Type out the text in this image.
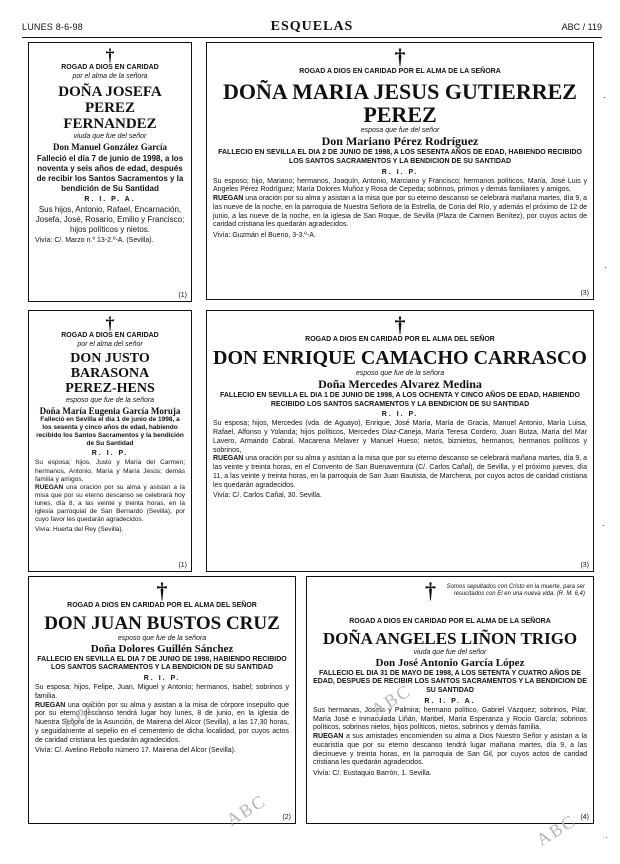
LUNES 8-6-98	ESQUELAS	ABC / 119
†
ROGAD A DIOS EN CARIDAD
por el alma de la señora
DOÑA JOSEFA PEREZ
FERNANDEZ
viuda que fue del señor
Don Manuel González García
Falleció el día 7 de junio de 1998, a los noventa y seis años de edad, después de recibir los Santos Sacramentos y la bendición de Su Santidad
R. I. P. A.
Sus hijos, Antonio, Rafael, Encarnación, Josefa, José, Rosario, Emilio y Francisco; hijos políticos y nietos.
Vivía: C/. Marzo n.º 13-2.º-A. (Sevilla).
(1)
†
ROGAD A DIOS EN CARIDAD POR EL ALMA DE LA SEÑORA
DOÑA MARIA JESUS GUTIERREZ
PEREZ
esposa que fue del señor
Don Mariano Pérez Rodríguez
FALLECIO EN SEVILLA EL DIA 2 DE JUNIO DE 1998, A LOS SESENTA AÑOS DE EDAD, HABIENDO RECIBIDO LOS SANTOS SACRAMENTOS Y LA BENDICION DE SU SANTIDAD
R. I. P.
Su esposo; hijo, Mariano; hermanos, Joaquín, Antonio, Marciano y Francisco; hermanos políticos, María, José Luis y Angeles Pérez Rodríguez; María Dolores Muñoz y Rosa de Cepeda; sobrinos, primos y demás familiares y amigos,
RUEGAN una oración por su alma y asistan a la misa que por su eterno descanso se celebrará mañana martes, día 9, a las nueve de la noche, en la parroquia de Nuestra Señora de la Estrella, de Coria del Río, y además el próximo de 12 de junio, a las nueve de la noche, en la iglesia de San Roque, de Sevilla (Plaza de Carmen Benítez), por cuyos actos de caridad cristiana les quedarán agradecidos.
Vivía: Guzmán el Bueno, 3-3.º-A.
(3)
†
ROGAD A DIOS EN CARIDAD
por el alma del señor
DON JUSTO BARASONA
PEREZ-HENS
esposo que fue de la señora
Doña María Eugenia García Moruja
Falleció en Sevilla el día 1 de junio de 1998, a los sesenta y cinco años de edad, habiendo recibido los Santos Sacramentos y la bendición de Su Santidad
R. I. P.
Su esposa; hijos, Justo y María del Carmen; hermanos, Antonio, María y María Jesús; demás familia y amigos,
RUEGAN una oración por su alma y asistan a la misa que por su eterno descanso se celebrará hoy lunes, día 8, a las veinte y treinta horas, en la iglesia parroquial de San Bernardo (Sevilla), por cuyo favor les quedarán agradecidos.
Vivía: Huerta del Rey (Sevilla).
(1)
†
ROGAD A DIOS EN CARIDAD POR EL ALMA DEL SEÑOR
DON ENRIQUE CAMACHO CARRASCO
esposo que fue de la señora
Doña Mercedes Alvarez Medina
FALLECIO EN SEVILLA EL DIA 1 DE JUNIO DE 1998, A LOS OCHENTA Y CINCO AÑOS DE EDAD, HABIENDO RECIBIDO LOS SANTOS SACRAMENTOS Y LA BENDICION DE SU SANTIDAD
R. I. P.
Su esposa; hijos, Mercedes (vda. de Aguayo), Enrique, José María, María de Gracia, Manuel Antonio, María Luisa, Rafael, Alfonso y Yolanda; hijos políticos, Mercedes Díaz-Caneja, María Teresa Cordero, Juan Butza, María del Mar Lavero, Armando Cabral, Macarena Melaver y Manuel Hueso; nietos, biznietos, hermanos, hermanos políticos y sobrinos,
RUEGAN una oración por su alma y asistan a la misa que por su eterno descanso se celebrará mañana martes, día 9, a las veinte y treinta horas, en el Convento de San Buenaventura (C/. Carlos Cañal), de Sevilla, y el próximo jueves, día 11, a las veinte y treinta horas, en la parroquia de San Juan Bautista, de Marchena, por cuyos actos de caridad cristiana les quedarán agradecidos.
Vivía: C/. Carlos Cañal, 30. Sevilla.
(3)
†
ROGAD A DIOS EN CARIDAD POR EL ALMA DEL SEÑOR
DON JUAN BUSTOS CRUZ
esposo que fue de la señora
Doña Dolores Guillén Sánchez
FALLECIO EN SEVILLA EL DIA 7 DE JUNIO DE 1998, HABIENDO RECIBIDO LOS SANTOS SACRAMENTOS Y LA BENDICION DE SU SANTIDAD
R. I. P.
Su esposa; hijos, Felipe, Juan, Miguel y Antonio; hermanos, Isabel; sobrinos y familia.
RUEGAN una oración por su alma y asistan a la misa de córpore insepulto que por su eterno descanso tendrá lugar hoy lunes, 8 de junio, en la iglesia de Nuestra Señora de la Asunción, de Mairena del Alcor (Sevilla), a las 17,30 horas, y seguidamente al sepelio en el cementerio de dicha localidad, por cuyos actos de caridad cristiana les quedarán agradecidos.
Vivía: C/. Avelino Rebollo número 17. Mairena del Alcor (Sevilla).
(2)
†	Somos sepultados con Cristo en la muerte, para ser resucitados con El en una nueva vida. (R. M. 6,4)
ROGAD A DIOS EN CARIDAD POR EL ALMA DE LA SEÑORA
DOÑA ANGELES LIÑON TRIGO
viuda que fue del señor
Don José Antonio García López
FALLECIO EL DIA 31 DE MAYO DE 1998, A LOS SETENTA Y CUATRO AÑOS DE EDAD, DESPUES DE RECIBIR LOS SANTOS SACRAMENTOS Y LA BENDICION DE SU SANTIDAD
R. I. P. A.
Sus hermanas, Josefa y Palmira; hermano político, Gabriel Vázquez; sobrinos, Pilar, María José e Inmaculada Liñán, Maribel, María Esperanza y Rocío García; sobrinos políticos, sobrinos nietos, hijos políticos, nietos, sobrinos y demás familia,
RUEGAN a sus amistades encomienden su alma a Dios Nuestro Señor y asistan a la eucaristía que por su eterno descanso tendrá lugar mañana martes, día 9, a las diecinueve y treinta horas, en la parroquia de San Gil, por cuyos actos de caridad cristiana les quedarán agradecidos.
Vivía: C/. Eustaquio Barrón, 1. Sevilla.
(4)
ABC
ABC
ABC
ABC
·
·
·
·
